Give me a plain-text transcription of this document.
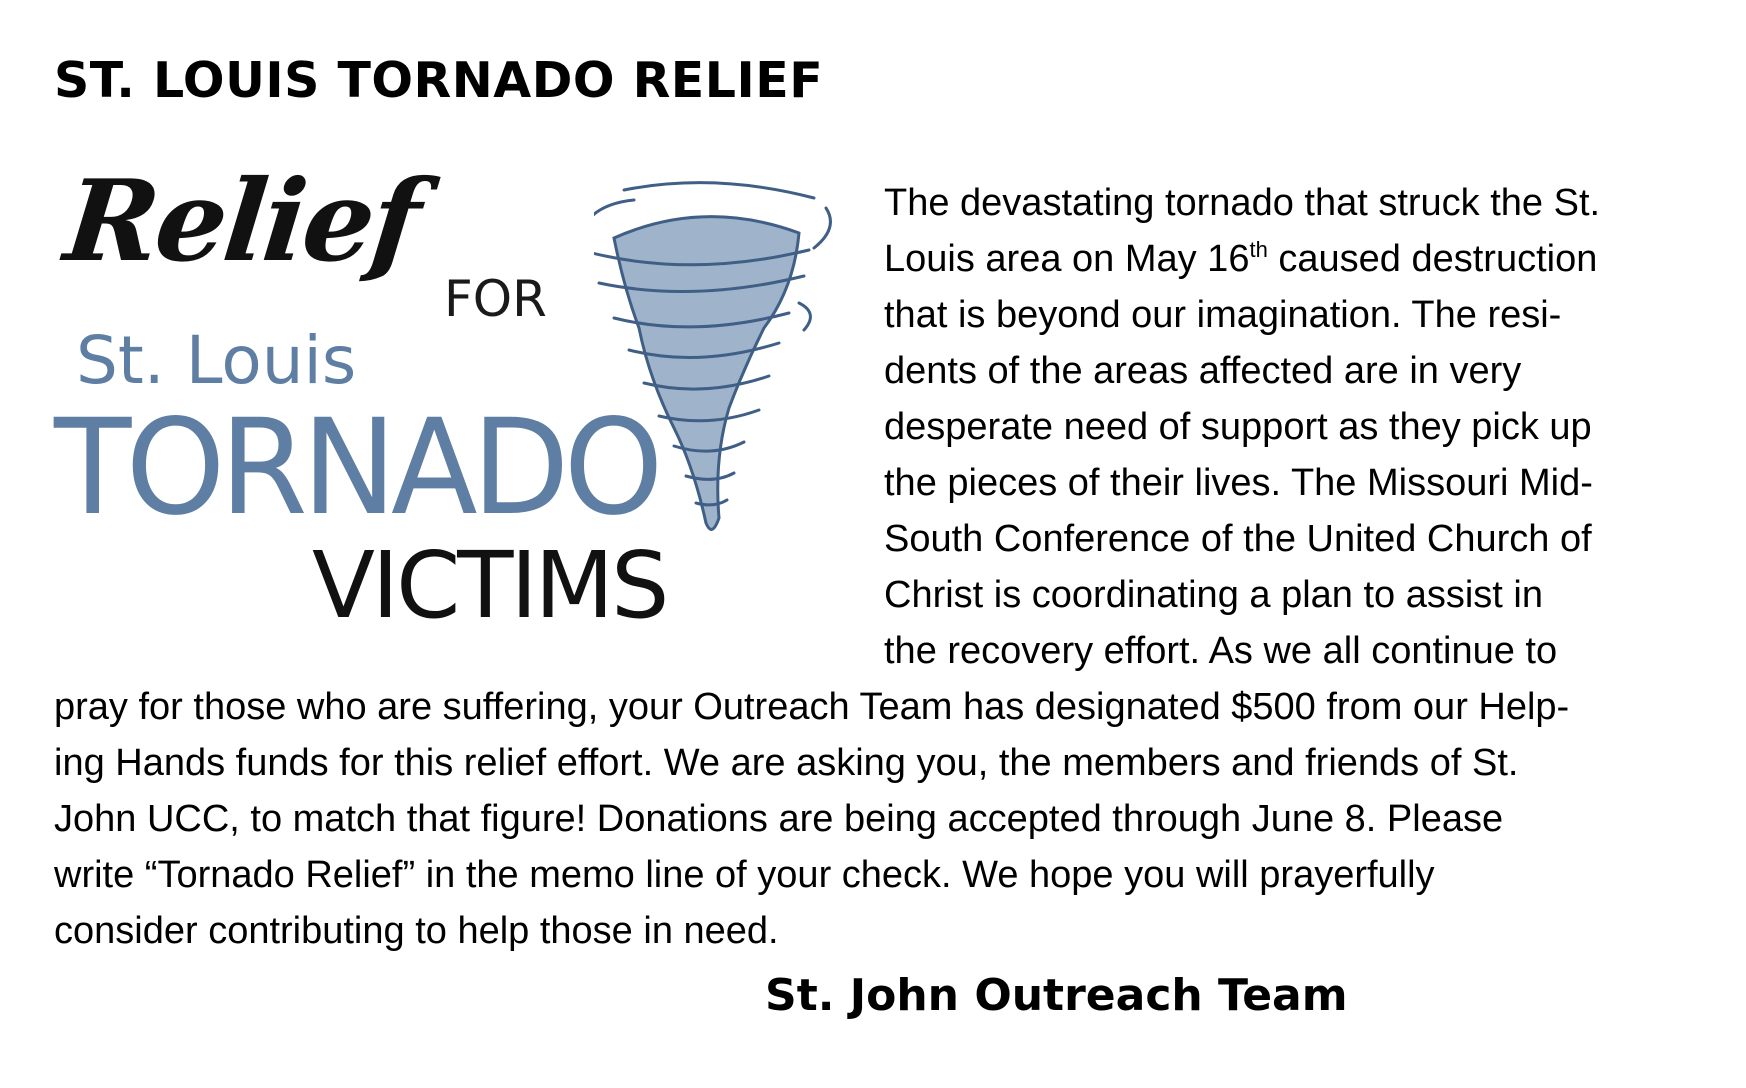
ST. LOUIS TORNADO RELIEF
Relief
FOR
St. Louis
TORNADO
VICTIMS
The devastating tornado that struck the St.
Louis area on May 16th caused destruction
that is beyond our imagination. The resi-
dents of the areas affected are in very
desperate need of support as they pick up
the pieces of their lives. The Missouri Mid-
South Conference of the United Church of
Christ is coordinating a plan to assist in
the recovery effort. As we all continue to
pray for those who are suffering, your Outreach Team has designated $500 from our Help-
ing Hands funds for this relief effort. We are asking you, the members and friends of St.
John UCC, to match that figure! Donations are being accepted through June 8. Please
write “Tornado Relief” in the memo line of your check. We hope you will prayerfully
consider contributing to help those in need.
St. John Outreach Team
